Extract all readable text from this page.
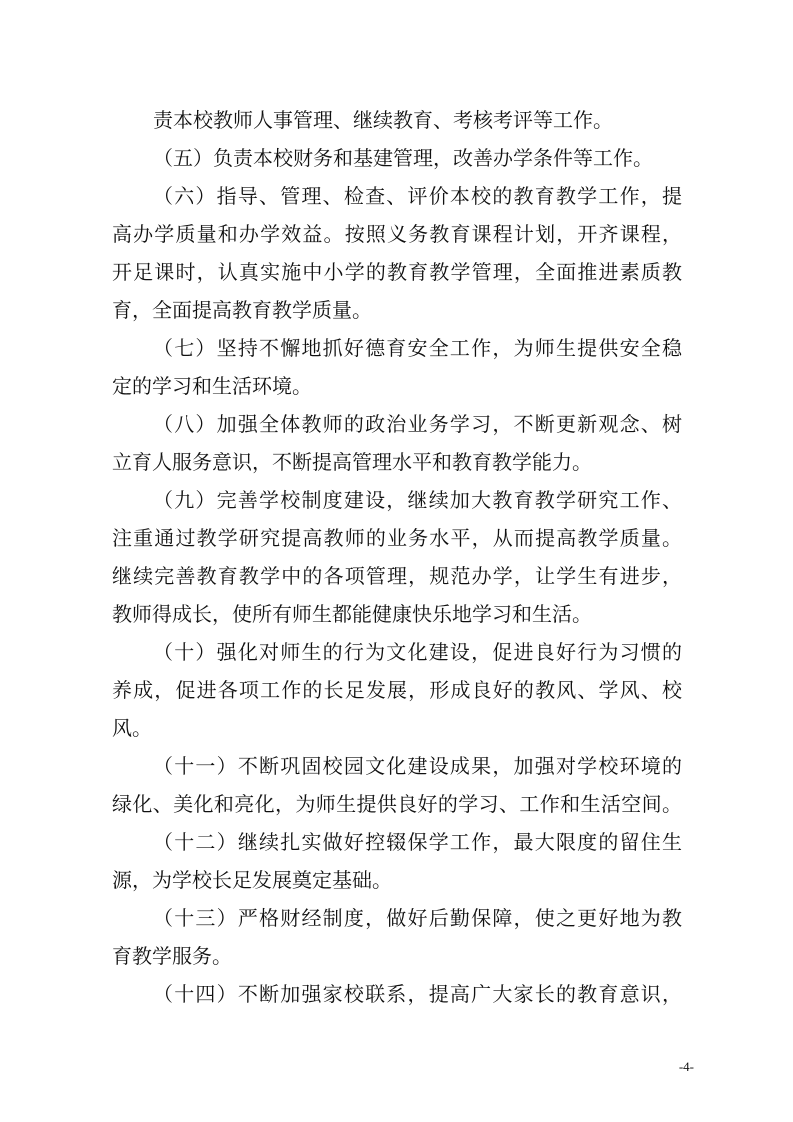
责本校教师人事管理、继续教育、考核考评等工作。
（五）负责本校财务和基建管理，改善办学条件等工作。
（六）指导、管理、检查、评价本校的教育教学工作，提
高办学质量和办学效益。按照义务教育课程计划，开齐课程，
开足课时，认真实施中小学的教育教学管理，全面推进素质教
育，全面提高教育教学质量。
（七）坚持不懈地抓好德育安全工作，为师生提供安全稳
定的学习和生活环境。
（八）加强全体教师的政治业务学习，不断更新观念、树
立育人服务意识，不断提高管理水平和教育教学能力。
（九）完善学校制度建设，继续加大教育教学研究工作、
注重通过教学研究提高教师的业务水平，从而提高教学质量。
继续完善教育教学中的各项管理，规范办学，让学生有进步，
教师得成长，使所有师生都能健康快乐地学习和生活。
（十）强化对师生的行为文化建设，促进良好行为习惯的
养成，促进各项工作的长足发展，形成良好的教风、学风、校
风。
（十一）不断巩固校园文化建设成果，加强对学校环境的
绿化、美化和亮化，为师生提供良好的学习、工作和生活空间。
（十二）继续扎实做好控辍保学工作，最大限度的留住生
源，为学校长足发展奠定基础。
（十三）严格财经制度，做好后勤保障，使之更好地为教
育教学服务。
（十四）不断加强家校联系，提高广大家长的教育意识，
-4-
